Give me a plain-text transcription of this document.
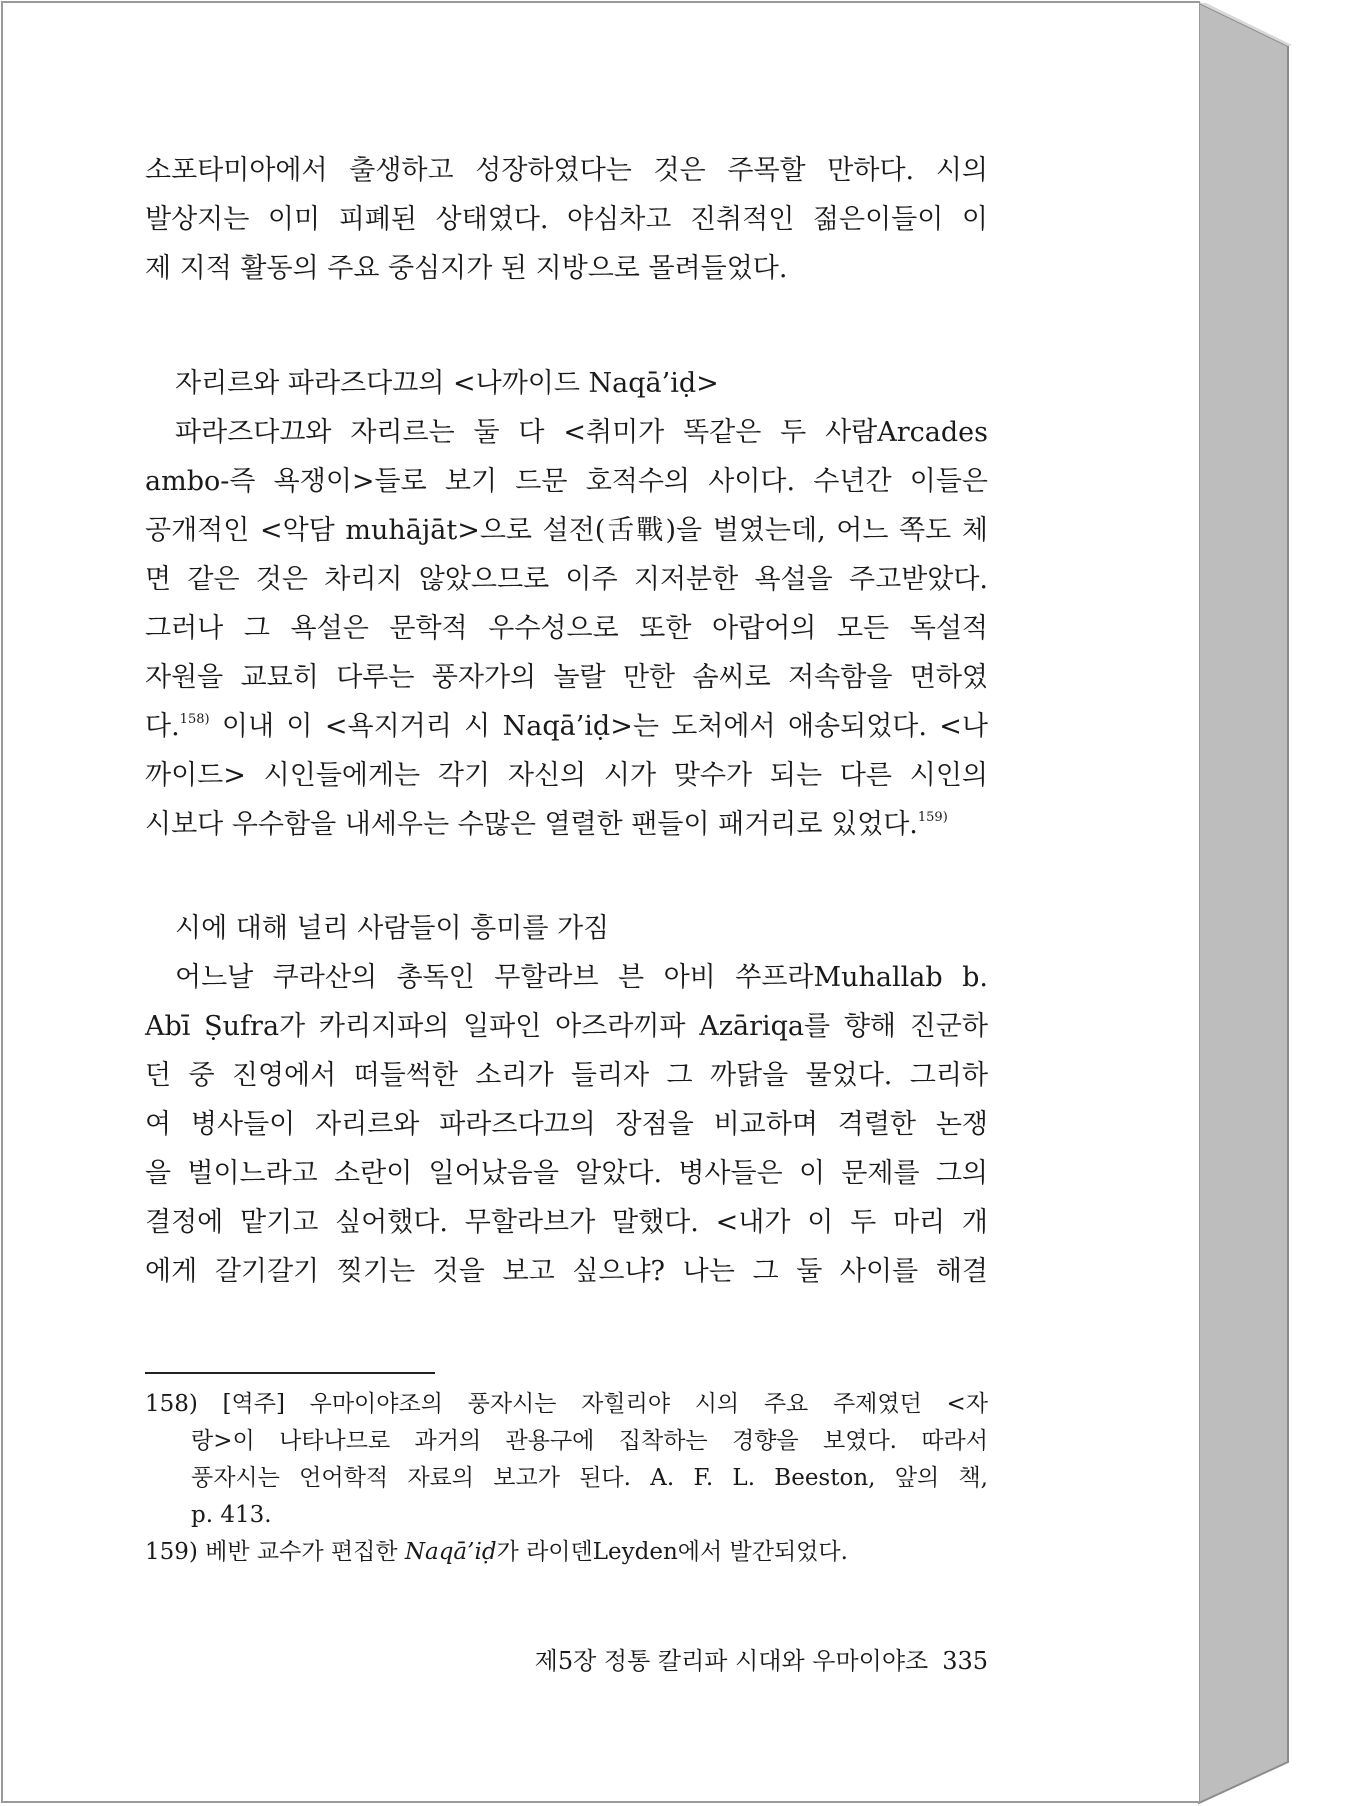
소포타미아에서 출생하고 성장하였다는 것은 주목할 만하다. 시의
발상지는 이미 피폐된 상태였다. 야심차고 진취적인 젊은이들이 이
제 지적 활동의 주요 중심지가 된 지방으로 몰려들었다.
자리르와 파라즈다끄의 <나까이드 Naqā’iḍ>
파라즈다끄와 자리르는 둘 다 <취미가 똑같은 두 사람Arcades
ambo-즉 욕쟁이>들로 보기 드문 호적수의 사이다. 수년간 이들은
공개적인 <악담 muhājāt>으로 설전(舌戰)을 벌였는데, 어느 쪽도 체
면 같은 것은 차리지 않았으므로 이주 지저분한 욕설을 주고받았다.
그러나 그 욕설은 문학적 우수성으로 또한 아랍어의 모든 독설적
자원을 교묘히 다루는 풍자가의 놀랄 만한 솜씨로 저속함을 면하였
다.$^{158)}$ 이내 이 <욕지거리 시 Naqā’iḍ>는 도처에서 애송되었다. <나
까이드> 시인들에게는 각기 자신의 시가 맞수가 되는 다른 시인의
시보다 우수함을 내세우는 수많은 열렬한 팬들이 패거리로 있었다.$^{159)}$
시에 대해 널리 사람들이 흥미를 가짐
어느날 쿠라산의 총독인 무할라브 븐 아비 쑤프라Muhallab b.
Abī Ṣufra가 카리지파의 일파인 아즈라끼파 Azāriqa를 향해 진군하
던 중 진영에서 떠들썩한 소리가 들리자 그 까닭을 물었다. 그리하
여 병사들이 자리르와 파라즈다끄의 장점을 비교하며 격렬한 논쟁
을 벌이느라고 소란이 일어났음을 알았다. 병사들은 이 문제를 그의
결정에 맡기고 싶어했다. 무할라브가 말했다. <내가 이 두 마리 개
에게 갈기갈기 찢기는 것을 보고 싶으냐? 나는 그 둘 사이를 해결
158) [역주] 우마이야조의 풍자시는 자힐리야 시의 주요 주제였던 <자
랑>이 나타나므로 과거의 관용구에 집착하는 경향을 보였다. 따라서
풍자시는 언어학적 자료의 보고가 된다. A. F. L. Beeston, 앞의 책,
p. 413.
159) 베반 교수가 편집한 Naqā’iḍ가 라이덴Leyden에서 발간되었다.
제5장 정통 칼리파 시대와 우마이야조 335
